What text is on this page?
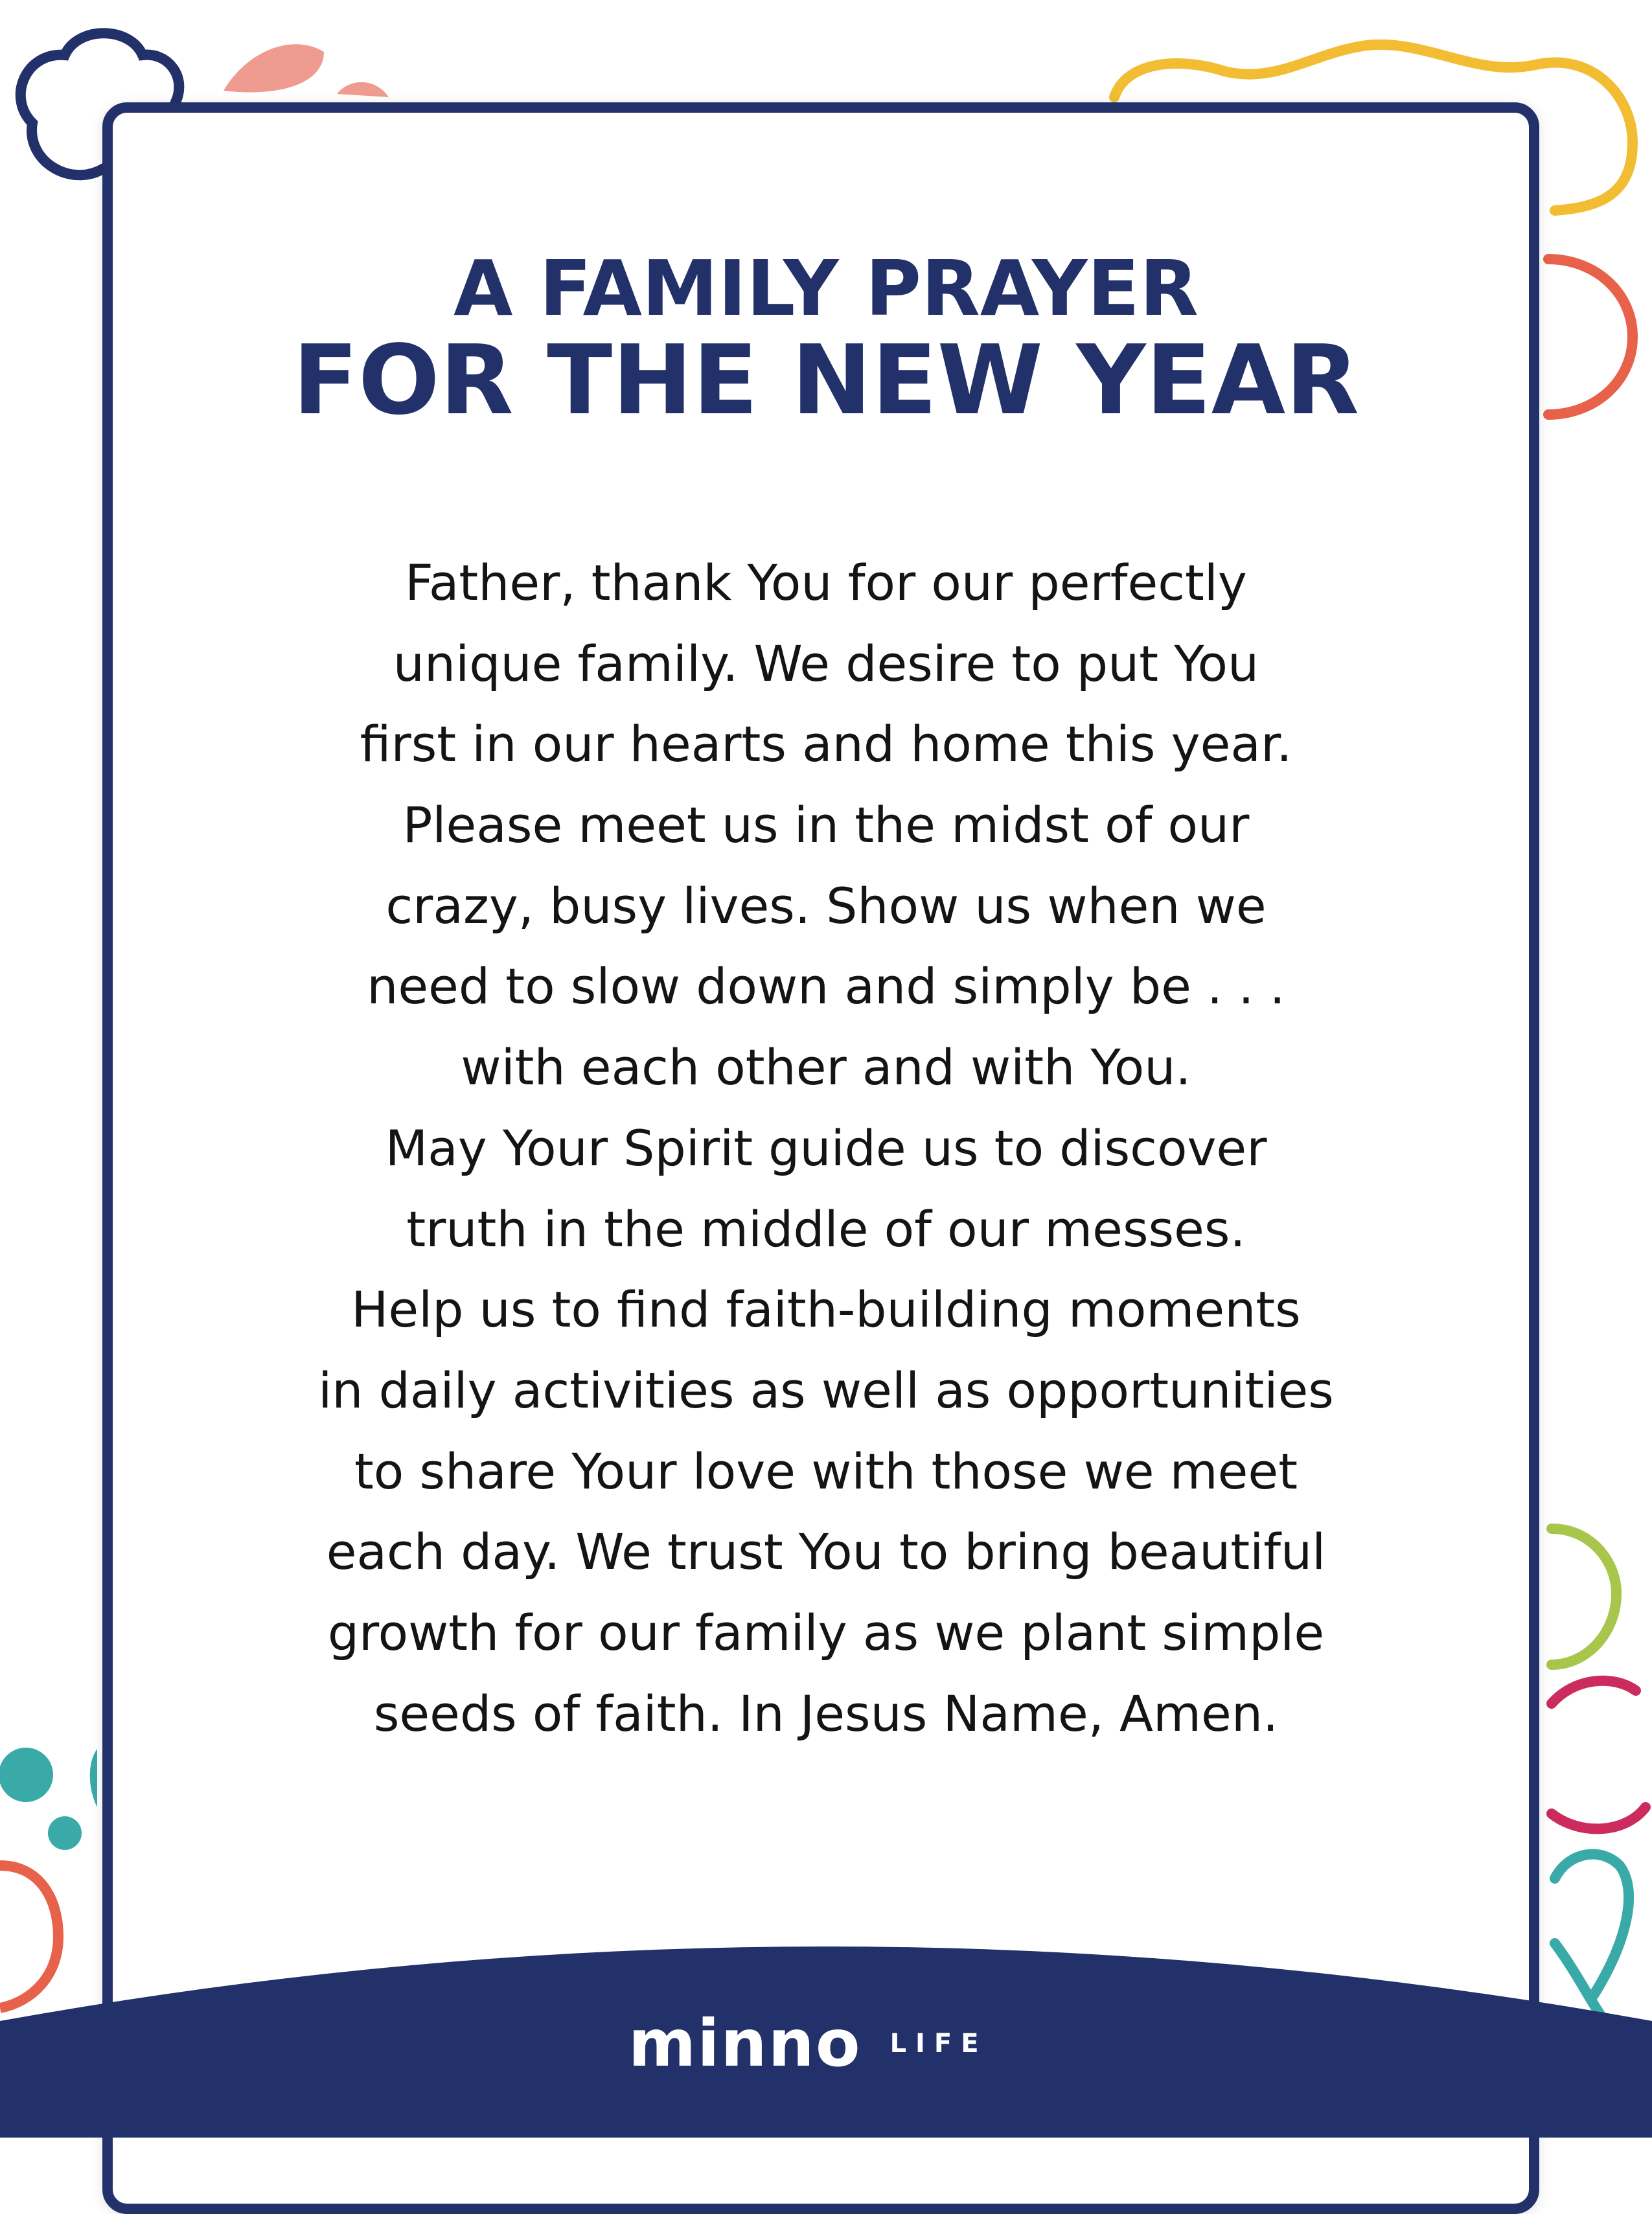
A FAMILY PRAYER
FOR THE NEW YEAR
Father, thank You for our perfectly
unique family. We desire to put You
first in our hearts and home this year.
Please meet us in the midst of our
crazy, busy lives. Show us when we
need to slow down and simply be . . .
with each other and with You.
May Your Spirit guide us to discover
truth in the middle of our messes.
Help us to find faith-building moments
in daily activities as well as opportunities
to share Your love with those we meet
each day. We trust You to bring beautiful
growth for our family as we plant simple
seeds of faith. In Jesus Name, Amen.
minno LIFE
